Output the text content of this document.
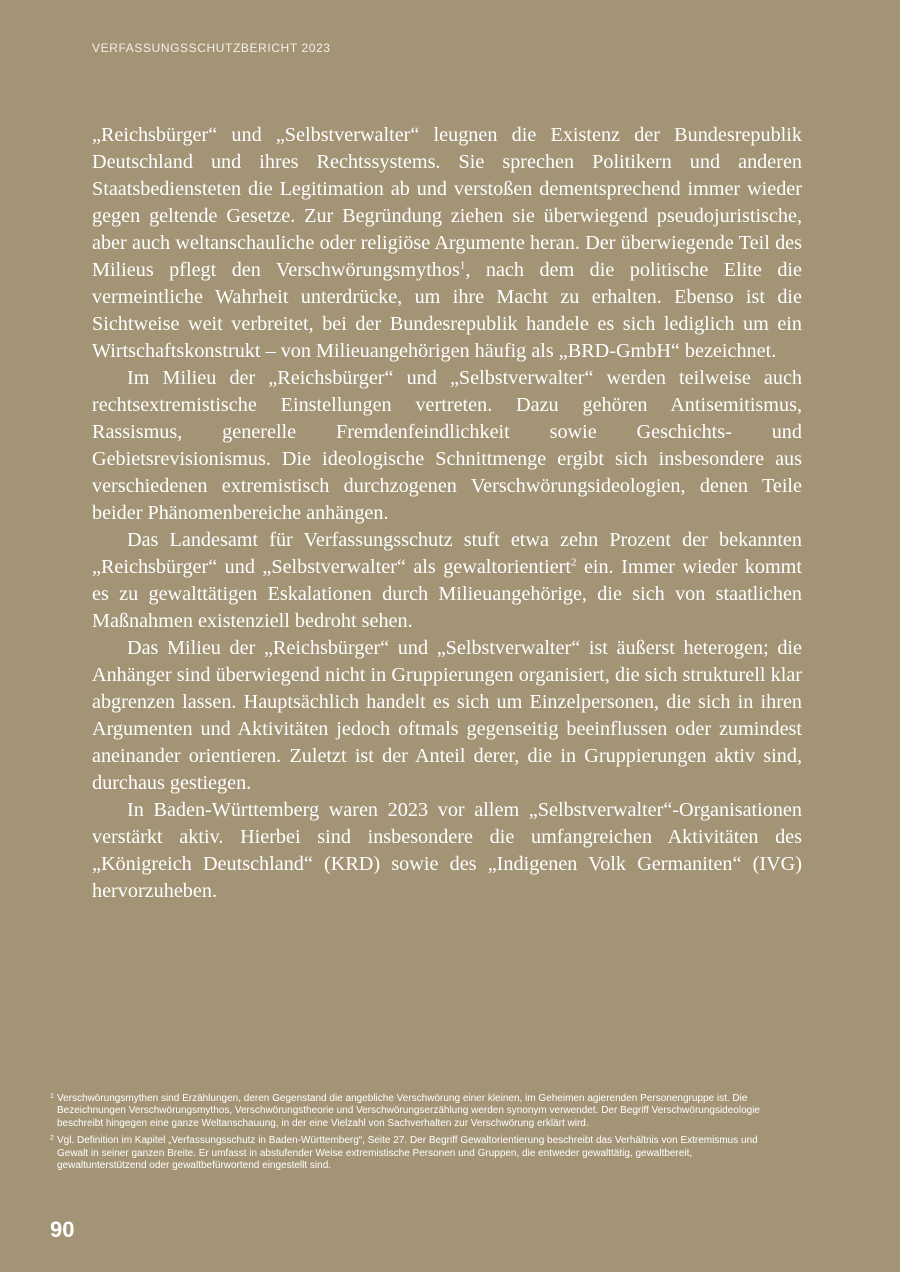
VERFASSUNGSSCHUTZBERICHT 2023

„Reichsbürger“ und „Selbstverwalter“ leugnen die Existenz der Bundesrepublik Deutschland und ihres Rechtssystems. Sie sprechen Politikern und anderen Staatsbediensteten die Legitimation ab und verstoßen dementsprechend immer wieder gegen geltende Gesetze. Zur Begründung ziehen sie überwiegend pseudojuristische, aber auch weltanschauliche oder religiöse Argumente heran. Der überwiegende Teil des Milieus pflegt den Verschwörungsmythos$^1$, nach dem die politische Elite die vermeintliche Wahrheit unterdrücke, um ihre Macht zu erhalten. Ebenso ist die Sichtweise weit verbreitet, bei der Bundesrepublik handele es sich lediglich um ein Wirtschaftskonstrukt – von Milieuangehörigen häufig als „BRD-GmbH“ bezeichnet.

Im Milieu der „Reichsbürger“ und „Selbstverwalter“ werden teilweise auch rechtsextremistische Einstellungen vertreten. Dazu gehören Antisemitismus, Rassismus, generelle Fremdenfeindlichkeit sowie Geschichts- und Gebietsrevisionismus. Die ideologische Schnittmenge ergibt sich insbesondere aus verschiedenen extremistisch durchzogenen Verschwörungsideologien, denen Teile beider Phänomenbereiche anhängen.

Das Landesamt für Verfassungsschutz stuft etwa zehn Prozent der bekannten „Reichsbürger“ und „Selbstverwalter“ als gewaltorientiert$^2$ ein. Immer wieder kommt es zu gewalttätigen Eskalationen durch Milieuangehörige, die sich von staatlichen Maßnahmen existenziell bedroht sehen.

Das Milieu der „Reichsbürger“ und „Selbstverwalter“ ist äußerst heterogen; die Anhänger sind überwiegend nicht in Gruppierungen organisiert, die sich strukturell klar abgrenzen lassen. Hauptsächlich handelt es sich um Einzelpersonen, die sich in ihren Argumenten und Aktivitäten jedoch oftmals gegenseitig beeinflussen oder zumindest aneinander orientieren. Zuletzt ist der Anteil derer, die in Gruppierungen aktiv sind, durchaus gestiegen.

In Baden-Württemberg waren 2023 vor allem „Selbstverwalter“-Organisationen verstärkt aktiv. Hierbei sind insbesondere die umfangreichen Aktivitäten des „Königreich Deutschland“ (KRD) sowie des „Indigenen Volk Germaniten“ (IVG) hervorzuheben.

1 Verschwörungsmythen sind Erzählungen, deren Gegenstand die angebliche Verschwörung einer kleinen, im Geheimen agierenden Personengruppe ist. Die Bezeichnungen Verschwörungsmythos, Verschwörungstheorie und Verschwörungserzählung werden synonym verwendet. Der Begriff Verschwörungsideologie beschreibt hingegen eine ganze Weltanschauung, in der eine Vielzahl von Sachverhalten zur Verschwörung erklärt wird.
2 Vgl. Definition im Kapitel „Verfassungsschutz in Baden-Württemberg“, Seite 27. Der Begriff Gewaltorientierung beschreibt das Verhältnis von Extremismus und Gewalt in seiner ganzen Breite. Er umfasst in abstufender Weise extremistische Personen und Gruppen, die entweder gewalttätig, gewaltbereit, gewaltunterstützend oder gewaltbefürwortend eingestellt sind.
90
